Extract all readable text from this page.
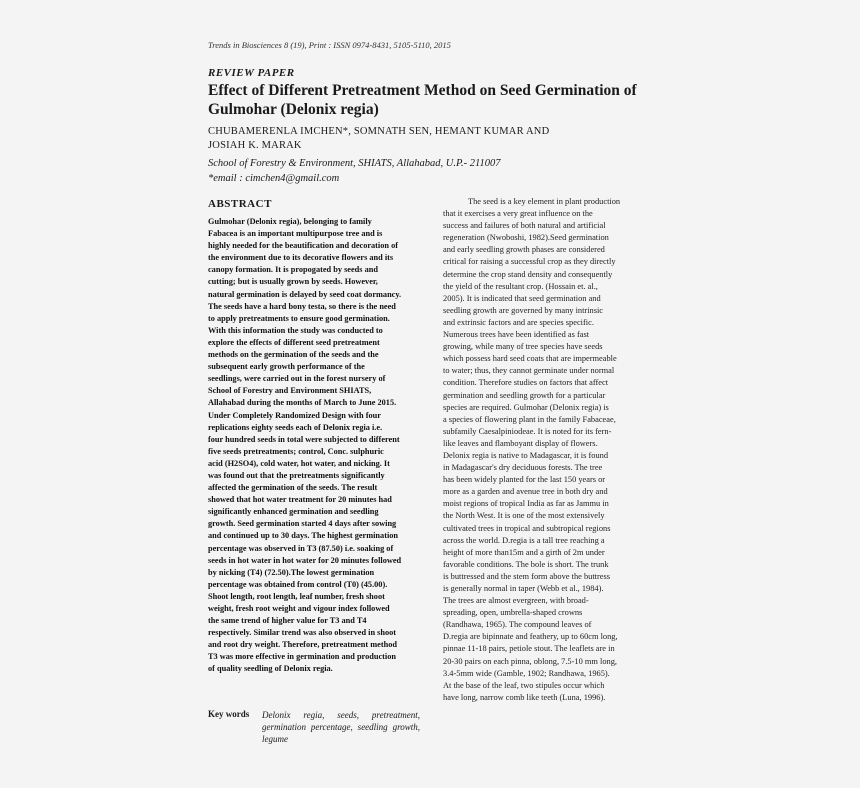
Trends in Biosciences 8 (19), Print : ISSN 0974-8431, 5105-5110, 2015
REVIEW PAPER
Effect of Different Pretreatment Method on Seed Germination of Gulmohar (Delonix regia)
CHUBAMERENLA IMCHEN*, SOMNATH SEN, HEMANT KUMAR AND
JOSIAH K. MARAK
School of Forestry & Environment, SHIATS, Allahabad, U.P.- 211007
*email : cimchen4@gmail.com
ABSTRACT
Gulmohar (Delonix regia), belonging to family
Fabacea is an important multipurpose tree and is
highly needed for the beautification and decoration of
the environment due to its decorative flowers and its
canopy formation. It is propogated by seeds and
cutting; but is usually grown by seeds. However,
natural germination is delayed by seed coat dormancy.
The seeds have a hard bony testa, so there is the need
to apply pretreatments to ensure good germination.
With this information the study was conducted to
explore the effects of different seed pretreatment
methods on the germination of the seeds and the
subsequent early growth performance of the
seedlings, were carried out in the forest nursery of
School of Forestry and Environment SHIATS,
Allahabad during the months of March to June 2015.
Under Completely Randomized Design with four
replications eighty seeds each of Delonix regia i.e.
four hundred seeds in total were subjected to different
five seeds pretreatments; control, Conc. sulphuric
acid (H2SO4), cold water, hot water, and nicking. It
was found out that the pretreatments significantly
affected the germination of the seeds. The result
showed that hot water treatment for 20 minutes had
significantly enhanced germination and seedling
growth. Seed germination started 4 days after sowing
and continued up to 30 days. The highest germination
percentage was observed in T3 (87.50) i.e. soaking of
seeds in hot water in hot water for 20 minutes followed
by nicking (T4) (72.50).The lowest germination
percentage was obtained from control (T0) (45.00).
Shoot length, root length, leaf number, fresh shoot
weight, fresh root weight and vigour index followed
the same trend of higher value for T3 and T4
respectively. Similar trend was also observed in shoot
and root dry weight. Therefore, pretreatment method
T3 was more effective in germination and production
of quality seedling of Delonix regia.
Key words Delonix regia, seeds, pretreatment, germination percentage, seedling growth, legume
The seed is a key element in plant production
that it exercises a very great influence on the
success and failures of both natural and artificial
regeneration (Nwoboshi, 1982).Seed germination
and early seedling growth phases are considered
critical for raising a successful crop as they directly
determine the crop stand density and consequently
the yield of the resultant crop. (Hossain et. al.,
2005). It is indicated that seed germination and
seedling growth are governed by many intrinsic
and extrinsic factors and are species specific.
Numerous trees have been identified as fast
growing, while many of tree species have seeds
which possess hard seed coats that are impermeable
to water; thus, they cannot germinate under normal
condition. Therefore studies on factors that affect
germination and seedling growth for a particular
species are required. Gulmohar (Delonix regia) is
a species of flowering plant in the family Fabaceae,
subfamily Caesalpiniodeae. It is noted for its fern-
like leaves and flamboyant display of flowers.
Delonix regia is native to Madagascar, it is found
in Madagascar's dry deciduous forests. The tree
has been widely planted for the last 150 years or
more as a garden and avenue tree in both dry and
moist regions of tropical India as far as Jammu in
the North West. It is one of the most extensively
cultivated trees in tropical and subtropical regions
across the world. D.regia is a tall tree reaching a
height of more than15m and a girth of 2m under
favorable conditions. The bole is short. The trunk
is buttressed and the stem form above the buttress
is generally normal in taper (Webb et al., 1984).
The trees are almost evergreen, with broad-
spreading, open, umbrella-shaped crowns
(Randhawa, 1965). The compound leaves of
D.regia are bipinnate and feathery, up to 60cm long,
pinnae 11-18 pairs, petiole stout. The leaflets are in
20-30 pairs on each pinna, oblong, 7.5-10 mm long,
3.4-5mm wide (Gamble, 1902; Randhawa, 1965).
At the base of the leaf, two stipules occur which
have long, narrow comb like teeth (Luna, 1996).
